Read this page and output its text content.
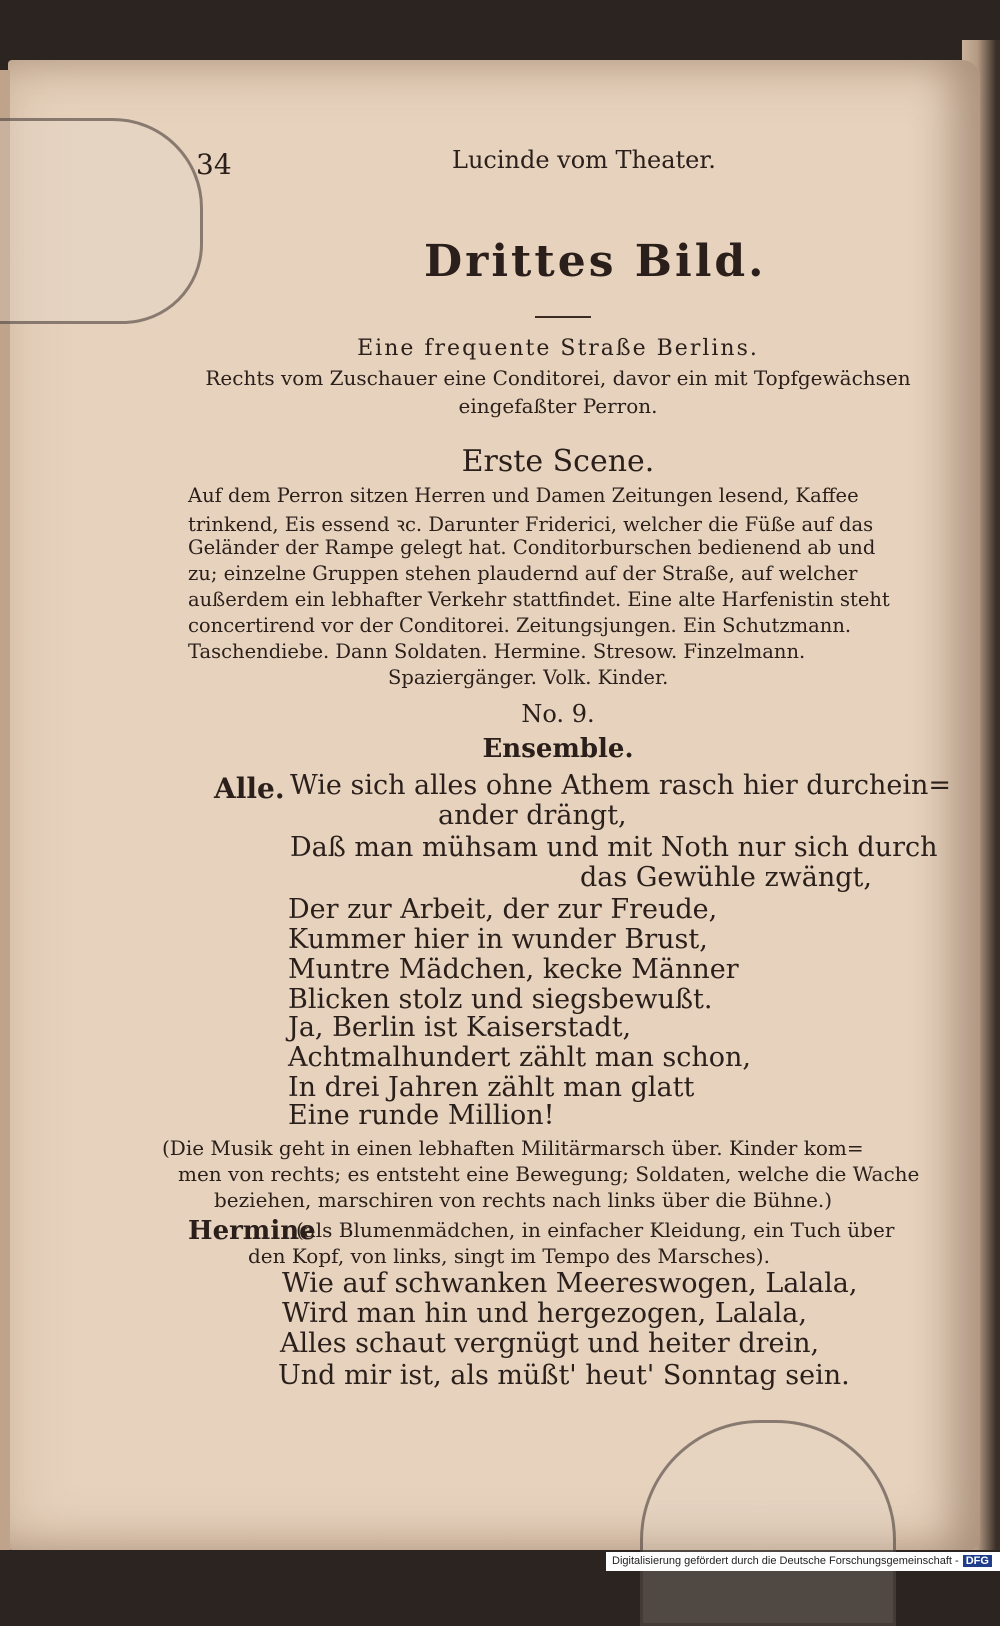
34	Lucinde vom Theater.
Drittes Bild.
Eine frequente Straße Berlins.
Rechts vom Zuschauer eine Conditorei, davor ein mit Topfgewächsen
eingefaßter Perron.
Erste Scene.
Auf dem Perron sitzen Herren und Damen Zeitungen lesend, Kaffee
trinkend, Eis essend ꝛc. Darunter Friderici, welcher die Füße auf das
Geländer der Rampe gelegt hat. Conditorburschen bedienend ab und
zu; einzelne Gruppen stehen plaudernd auf der Straße, auf welcher
außerdem ein lebhafter Verkehr stattfindet. Eine alte Harfenistin steht
concertirend vor der Conditorei. Zeitungsjungen. Ein Schutzmann.
Taschendiebe. Dann Soldaten. Hermine. Stresow. Finzelmann.
Spaziergänger. Volk. Kinder.
No. 9.
Ensemble.
Alle. Wie sich alles ohne Athem rasch hier durchein=
ander drängt,
Daß man mühsam und mit Noth nur sich durch
das Gewühle zwängt,
Der zur Arbeit, der zur Freude,
Kummer hier in wunder Brust,
Muntre Mädchen, kecke Männer
Blicken stolz und siegsbewußt.
Ja, Berlin ist Kaiserstadt,
Achtmalhundert zählt man schon,
In drei Jahren zählt man glatt
Eine runde Million!
(Die Musik geht in einen lebhaften Militärmarsch über. Kinder kom=
men von rechts; es entsteht eine Bewegung; Soldaten, welche die Wache
beziehen, marschiren von rechts nach links über die Bühne.)
Hermine
(als Blumenmädchen, in einfacher Kleidung, ein Tuch über
den Kopf, von links, singt im Tempo des Marsches).
Wie auf schwanken Meereswogen, Lalala,
Wird man hin und hergezogen, Lalala,
Alles schaut vergnügt und heiter drein,
Und mir ist, als müßt' heut' Sonntag sein.
Digitalisierung gefördert durch die Deutsche Forschungsgemeinschaft - DFG
